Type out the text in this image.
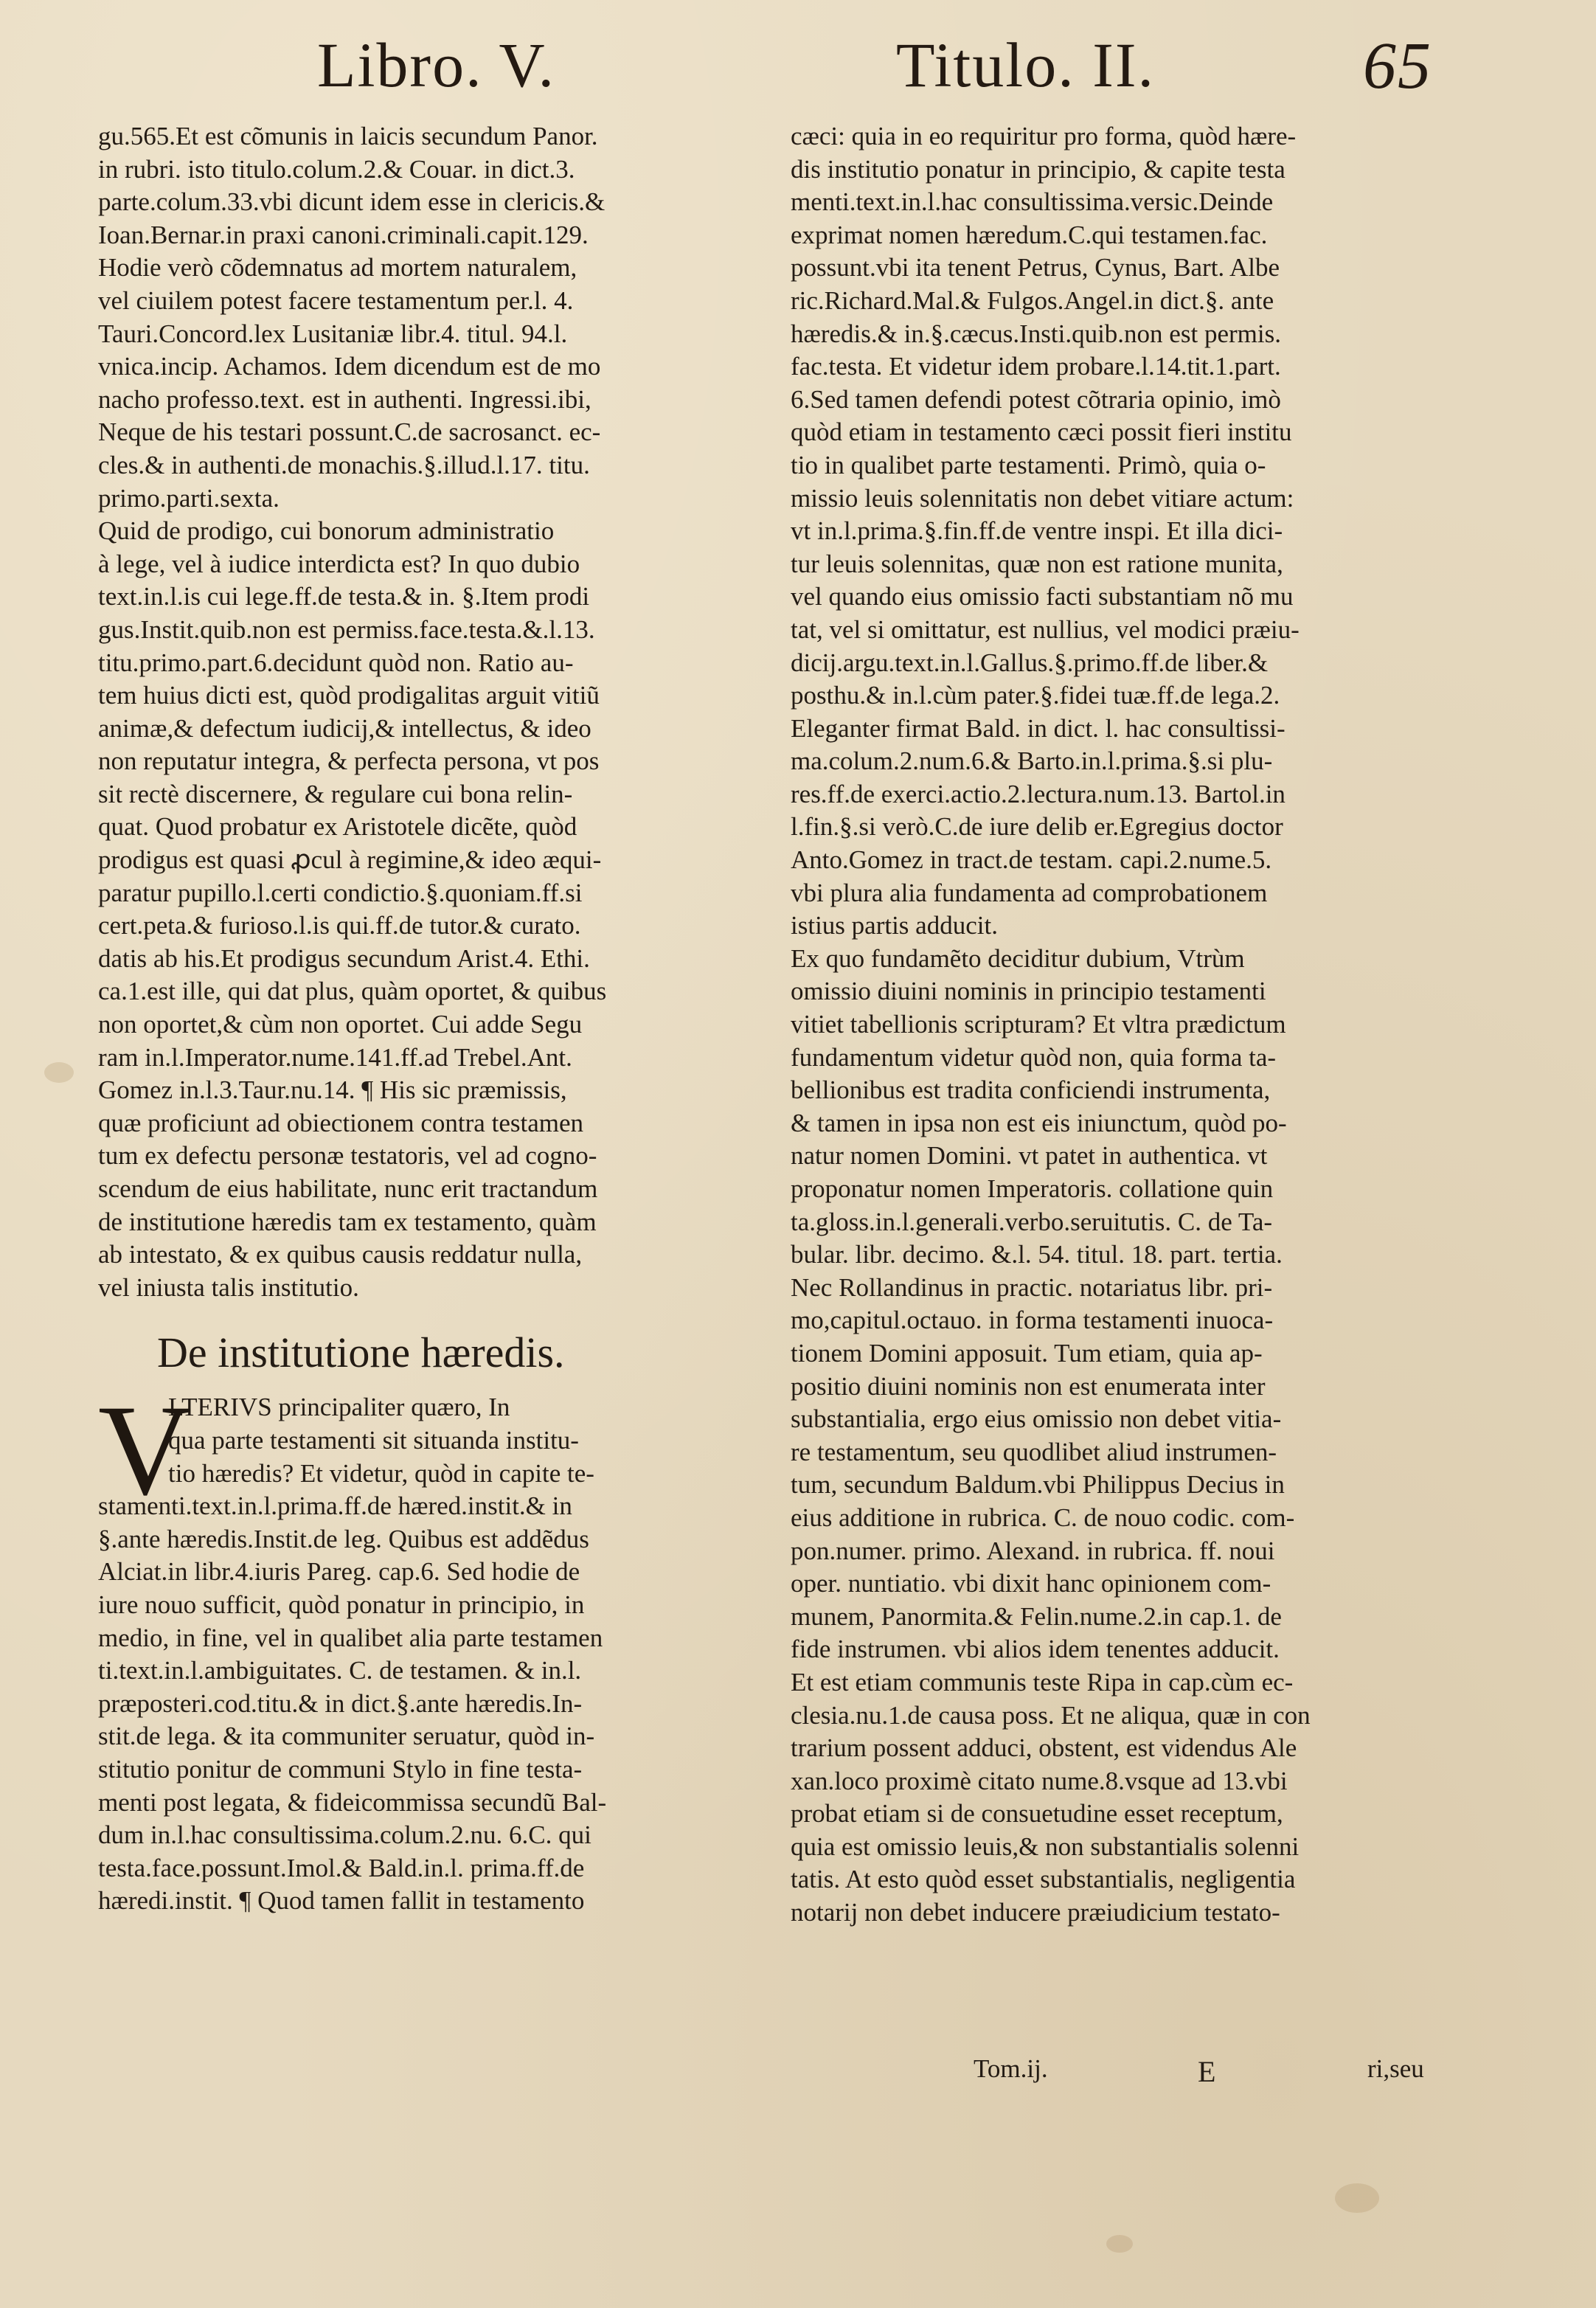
Libro. V.	Titulo. II.	65
gu.565.Et est cõmunis in laicis secundum Panor.
in rubri. isto titulo.colum.2.& Couar. in dict.3.
parte.colum.33.vbi dicunt idem esse in clericis.&
Ioan.Bernar.in praxi canoni.criminali.capit.129.
Hodie verò cõdemnatus ad mortem naturalem,
vel ciuilem potest facere testamentum per.l. 4.
Tauri.Concord.lex Lusitaniæ libr.4. titul. 94.l.
vnica.incip. Achamos. Idem dicendum est de mo
nacho professo.text. est in authenti. Ingressi.ibi,
Neque de his testari possunt.C.de sacrosanct. ec-
cles.& in authenti.de monachis.§.illud.l.17. titu.
primo.parti.sexta.
Quid de prodigo, cui bonorum administratio
à lege, vel à iudice interdicta est? In quo dubio
text.in.l.is cui lege.ff.de testa.& in. §.Item prodi
gus.Instit.quib.non est permiss.face.testa.&.l.13.
titu.primo.part.6.decidunt quòd non. Ratio au-
tem huius dicti est, quòd prodigalitas arguit vitiũ
animæ,& defectum iudicij,& intellectus, & ideo
non reputatur integra, & perfecta persona, vt pos
sit rectè discernere, & regulare cui bona relin-
quat. Quod probatur ex Aristotele dicẽte, quòd
prodigus est quasi ꝓcul à regimine,& ideo æqui-
paratur pupillo.l.certi condictio.§.quoniam.ff.si
cert.peta.& furioso.l.is qui.ff.de tutor.& curato.
datis ab his.Et prodigus secundum Arist.4. Ethi.
ca.1.est ille, qui dat plus, quàm oportet, & quibus
non oportet,& cùm non oportet. Cui adde Segu
ram in.l.Imperator.nume.141.ff.ad Trebel.Ant.
Gomez in.l.3.Taur.nu.14. ¶ His sic præmissis,
quæ proficiunt ad obiectionem contra testamen
tum ex defectu personæ testatoris, vel ad cogno-
scendum de eius habilitate, nunc erit tractandum
de institutione hæredis tam ex testamento, quàm
ab intestato, & ex quibus causis reddatur nulla,
vel iniusta talis institutio.
De institutione hæredis.
V
LTERIVS principaliter quæro, In
qua parte testamenti sit situanda institu-
tio hæredis? Et videtur, quòd in capite te-
stamenti.text.in.l.prima.ff.de hæred.instit.& in
§.ante hæredis.Instit.de leg. Quibus est addẽdus
Alciat.in libr.4.iuris Pareg. cap.6. Sed hodie de
iure nouo sufficit, quòd ponatur in principio, in
medio, in fine, vel in qualibet alia parte testamen
ti.text.in.l.ambiguitates. C. de testamen. & in.l.
præposteri.cod.titu.& in dict.§.ante hæredis.In-
stit.de lega. & ita communiter seruatur, quòd in-
stitutio ponitur de communi Stylo in fine testa-
menti post legata, & fideicommissa secundũ Bal-
dum in.l.hac consultissima.colum.2.nu. 6.C. qui
testa.face.possunt.Imol.& Bald.in.l. prima.ff.de
hæredi.instit. ¶ Quod tamen fallit in testamento
cæci: quia in eo requiritur pro forma, quòd hære-
dis institutio ponatur in principio, & capite testa
menti.text.in.l.hac consultissima.versic.Deinde
exprimat nomen hæredum.C.qui testamen.fac.
possunt.vbi ita tenent Petrus, Cynus, Bart. Albe
ric.Richard.Mal.& Fulgos.Angel.in dict.§. ante
hæredis.& in.§.cæcus.Insti.quib.non est permis.
fac.testa. Et videtur idem probare.l.14.tit.1.part.
6.Sed tamen defendi potest cõtraria opinio, imò
quòd etiam in testamento cæci possit fieri institu
tio in qualibet parte testamenti. Primò, quia o-
missio leuis solennitatis non debet vitiare actum:
vt in.l.prima.§.fin.ff.de ventre inspi. Et illa dici-
tur leuis solennitas, quæ non est ratione munita,
vel quando eius omissio facti substantiam nõ mu
tat, vel si omittatur, est nullius, vel modici præiu-
dicij.argu.text.in.l.Gallus.§.primo.ff.de liber.&
posthu.& in.l.cùm pater.§.fidei tuæ.ff.de lega.2.
Eleganter firmat Bald. in dict. l. hac consultissi-
ma.colum.2.num.6.& Barto.in.l.prima.§.si plu-
res.ff.de exerci.actio.2.lectura.num.13. Bartol.in
l.fin.§.si verò.C.de iure delib er.Egregius doctor
Anto.Gomez in tract.de testam. capi.2.nume.5.
vbi plura alia fundamenta ad comprobationem
istius partis adducit.
Ex quo fundamẽto deciditur dubium, Vtrùm
omissio diuini nominis in principio testamenti
vitiet tabellionis scripturam? Et vltra prædictum
fundamentum videtur quòd non, quia forma ta-
bellionibus est tradita conficiendi instrumenta,
& tamen in ipsa non est eis iniunctum, quòd po-
natur nomen Domini. vt patet in authentica. vt
proponatur nomen Imperatoris. collatione quin
ta.gloss.in.l.generali.verbo.seruitutis. C. de Ta-
bular. libr. decimo. &.l. 54. titul. 18. part. tertia.
Nec Rollandinus in practic. notariatus libr. pri-
mo,capitul.octauo. in forma testamenti inuoca-
tionem Domini apposuit. Tum etiam, quia ap-
positio diuini nominis non est enumerata inter
substantialia, ergo eius omissio non debet vitia-
re testamentum, seu quodlibet aliud instrumen-
tum, secundum Baldum.vbi Philippus Decius in
eius additione in rubrica. C. de nouo codic. com-
pon.numer. primo. Alexand. in rubrica. ff. noui
oper. nuntiatio. vbi dixit hanc opinionem com-
munem, Panormita.& Felin.nume.2.in cap.1. de
fide instrumen. vbi alios idem tenentes adducit.
Et est etiam communis teste Ripa in cap.cùm ec-
clesia.nu.1.de causa poss. Et ne aliqua, quæ in con
trarium possent adduci, obstent, est videndus Ale
xan.loco proximè citato nume.8.vsque ad 13.vbi
probat etiam si de consuetudine esset receptum,
quia est omissio leuis,& non substantialis solenni
tatis. At esto quòd esset substantialis, negligentia
notarij non debet inducere præiudicium testato-
Tom.ij.	E	ri,seu
